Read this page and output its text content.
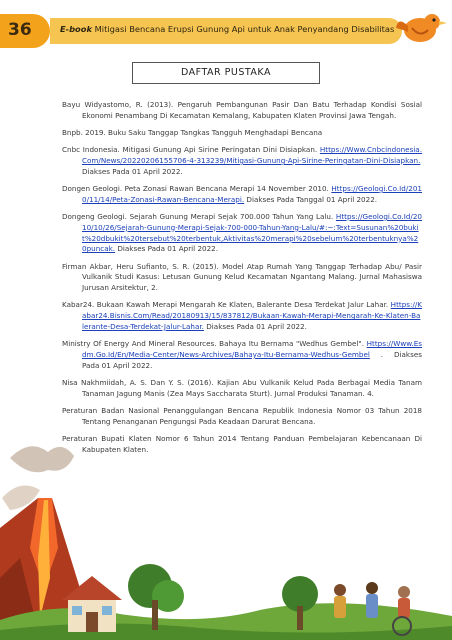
36	E-book Mitigasi Bencana Erupsi Gunung Api untuk Anak Penyandang Disabilitas
DAFTAR PUSTAKA

Bayu Widyastomo, R. (2013). Pengaruh Pembangunan Pasir Dan Batu Terhadap Kondisi Sosial Ekonomi Penambang Di Kecamatan Kemalang, Kabupaten Klaten Provinsi Jawa Tengah.

Bnpb. 2019. Buku Saku Tanggap Tangkas Tangguh Menghadapi Bencana

Cnbc Indonesia. Mitigasi Gunung Api Sirine Peringatan Dini Disiapkan. Https://Www.Cnbcindonesia.Com/News/20220206155706-4-313239/Mitigasi-Gunung-Api-Sirine-Peringatan-Dini-Disiapkan. Diakses Pada 01 April 2022.

Dongen Geologi. Peta Zonasi Rawan Bencana Merapi 14 November 2010. Https://Geologi.Co.Id/2010/11/14/Peta-Zonasi-Rawan-Bencana-Merapi. Diakses Pada Tanggal 01 April 2022.

Dongeng Geologi. Sejarah Gunung Merapi Sejak 700.000 Tahun Yang Lalu. Https://Geologi.Co.Id/2010/10/26/Sejarah-Gunung-Merapi-Sejak-700-000-Tahun-Yang-Lalu/#:~:Text=Susunan%20bukit%20dbukit%20tersebut%20terbentuk,Aktivitas%20merapi%20sebelum%20terbentuknya%20puncak. Diakses Pada 01 April 2022.

Firman Akbar, Heru Sufianto, S. R. (2015). Model Atap Rumah Yang Tanggap Terhadap Abu/ Pasir Vulkanik Studi Kasus: Letusan Gunung Kelud Kecamatan Ngantang Malang. Jurnal Mahasiswa Jurusan Arsitektur, 2.

Kabar24. Bukaan Kawah Merapi Mengarah Ke Klaten, Balerante Desa Terdekat Jalur Lahar. Https://Kabar24.Bisnis.Com/Read/20180913/15/837812/Bukaan-Kawah-Merapi-Mengarah-Ke-Klaten-Balerante-Desa-Terdekat-Jalur-Lahar. Diakses Pada 01 April 2022.

Ministry Of Energy And Mineral Resources. Bahaya Itu Bernama "Wedhus Gembel". Https://Www.Esdm.Go.Id/En/Media-Center/News-Archives/Bahaya-Itu-Bernama-Wedhus-Gembel . Diakses Pada 01 April 2022.

Nisa Nakhmiidah, A. S. Dan Y. S. (2016). Kajian Abu Vulkanik Kelud Pada Berbagai Media Tanam Tanaman Jagung Manis (Zea Mays Saccharata Sturt). Jurnal Produksi Tanaman. 4.

Peraturan Badan Nasional Penanggulangan Bencana Republik Indonesia Nomor 03 Tahun 2018 Tentang Penanganan Pengungsi Pada Keadaan Darurat Bencana.

Peraturan Bupati Klaten Nomor 6 Tahun 2014 Tentang Panduan Pembelajaran Kebencanaan Di Kabupaten Klaten.
